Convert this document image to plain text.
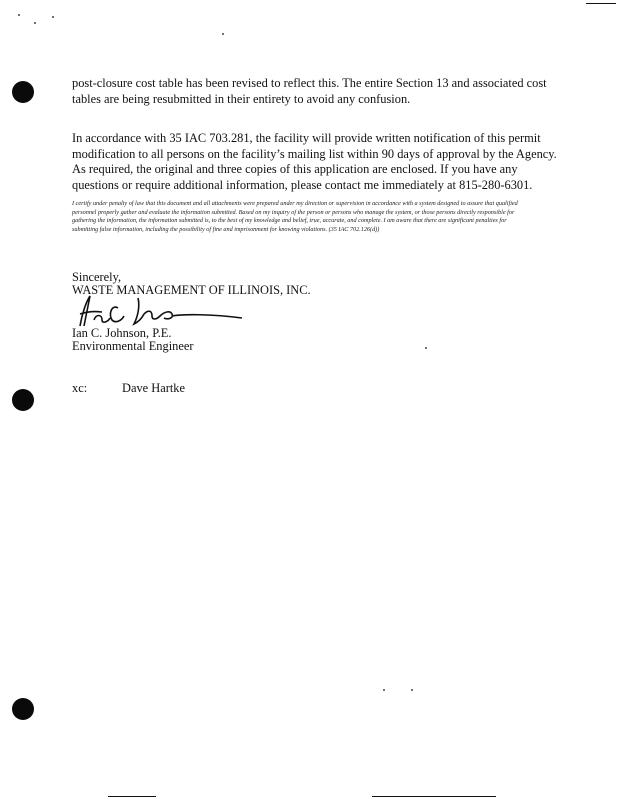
post-closure cost table has been revised to reflect this. The entire Section 13 and associated cost tables are being resubmitted in their entirety to avoid any confusion.

In accordance with 35 IAC 703.281, the facility will provide written notification of this permit modification to all persons on the facility’s mailing list within 90 days of approval by the Agency. As required, the original and three copies of this application are enclosed. If you have any questions or require additional information, please contact me immediately at 815-280-6301.

I certify under penalty of law that this document and all attachments were prepared under my direction or supervision in accordance with a system designed to assure that qualified personnel properly gather and evaluate the information submitted. Based on my inquiry of the person or persons who manage the system, or those persons directly responsible for gathering the information, the information submitted is, to the best of my knowledge and belief, true, accurate, and complete. I am aware that there are significant penalties for submitting false information, including the possibility of fine and imprisonment for knowing violations. (35 IAC 702.126(d))

Sincerely,
WASTE MANAGEMENT OF ILLINOIS, INC.
Ian C. Johnson, P.E.
Environmental Engineer
xc:	Dave Hartke
